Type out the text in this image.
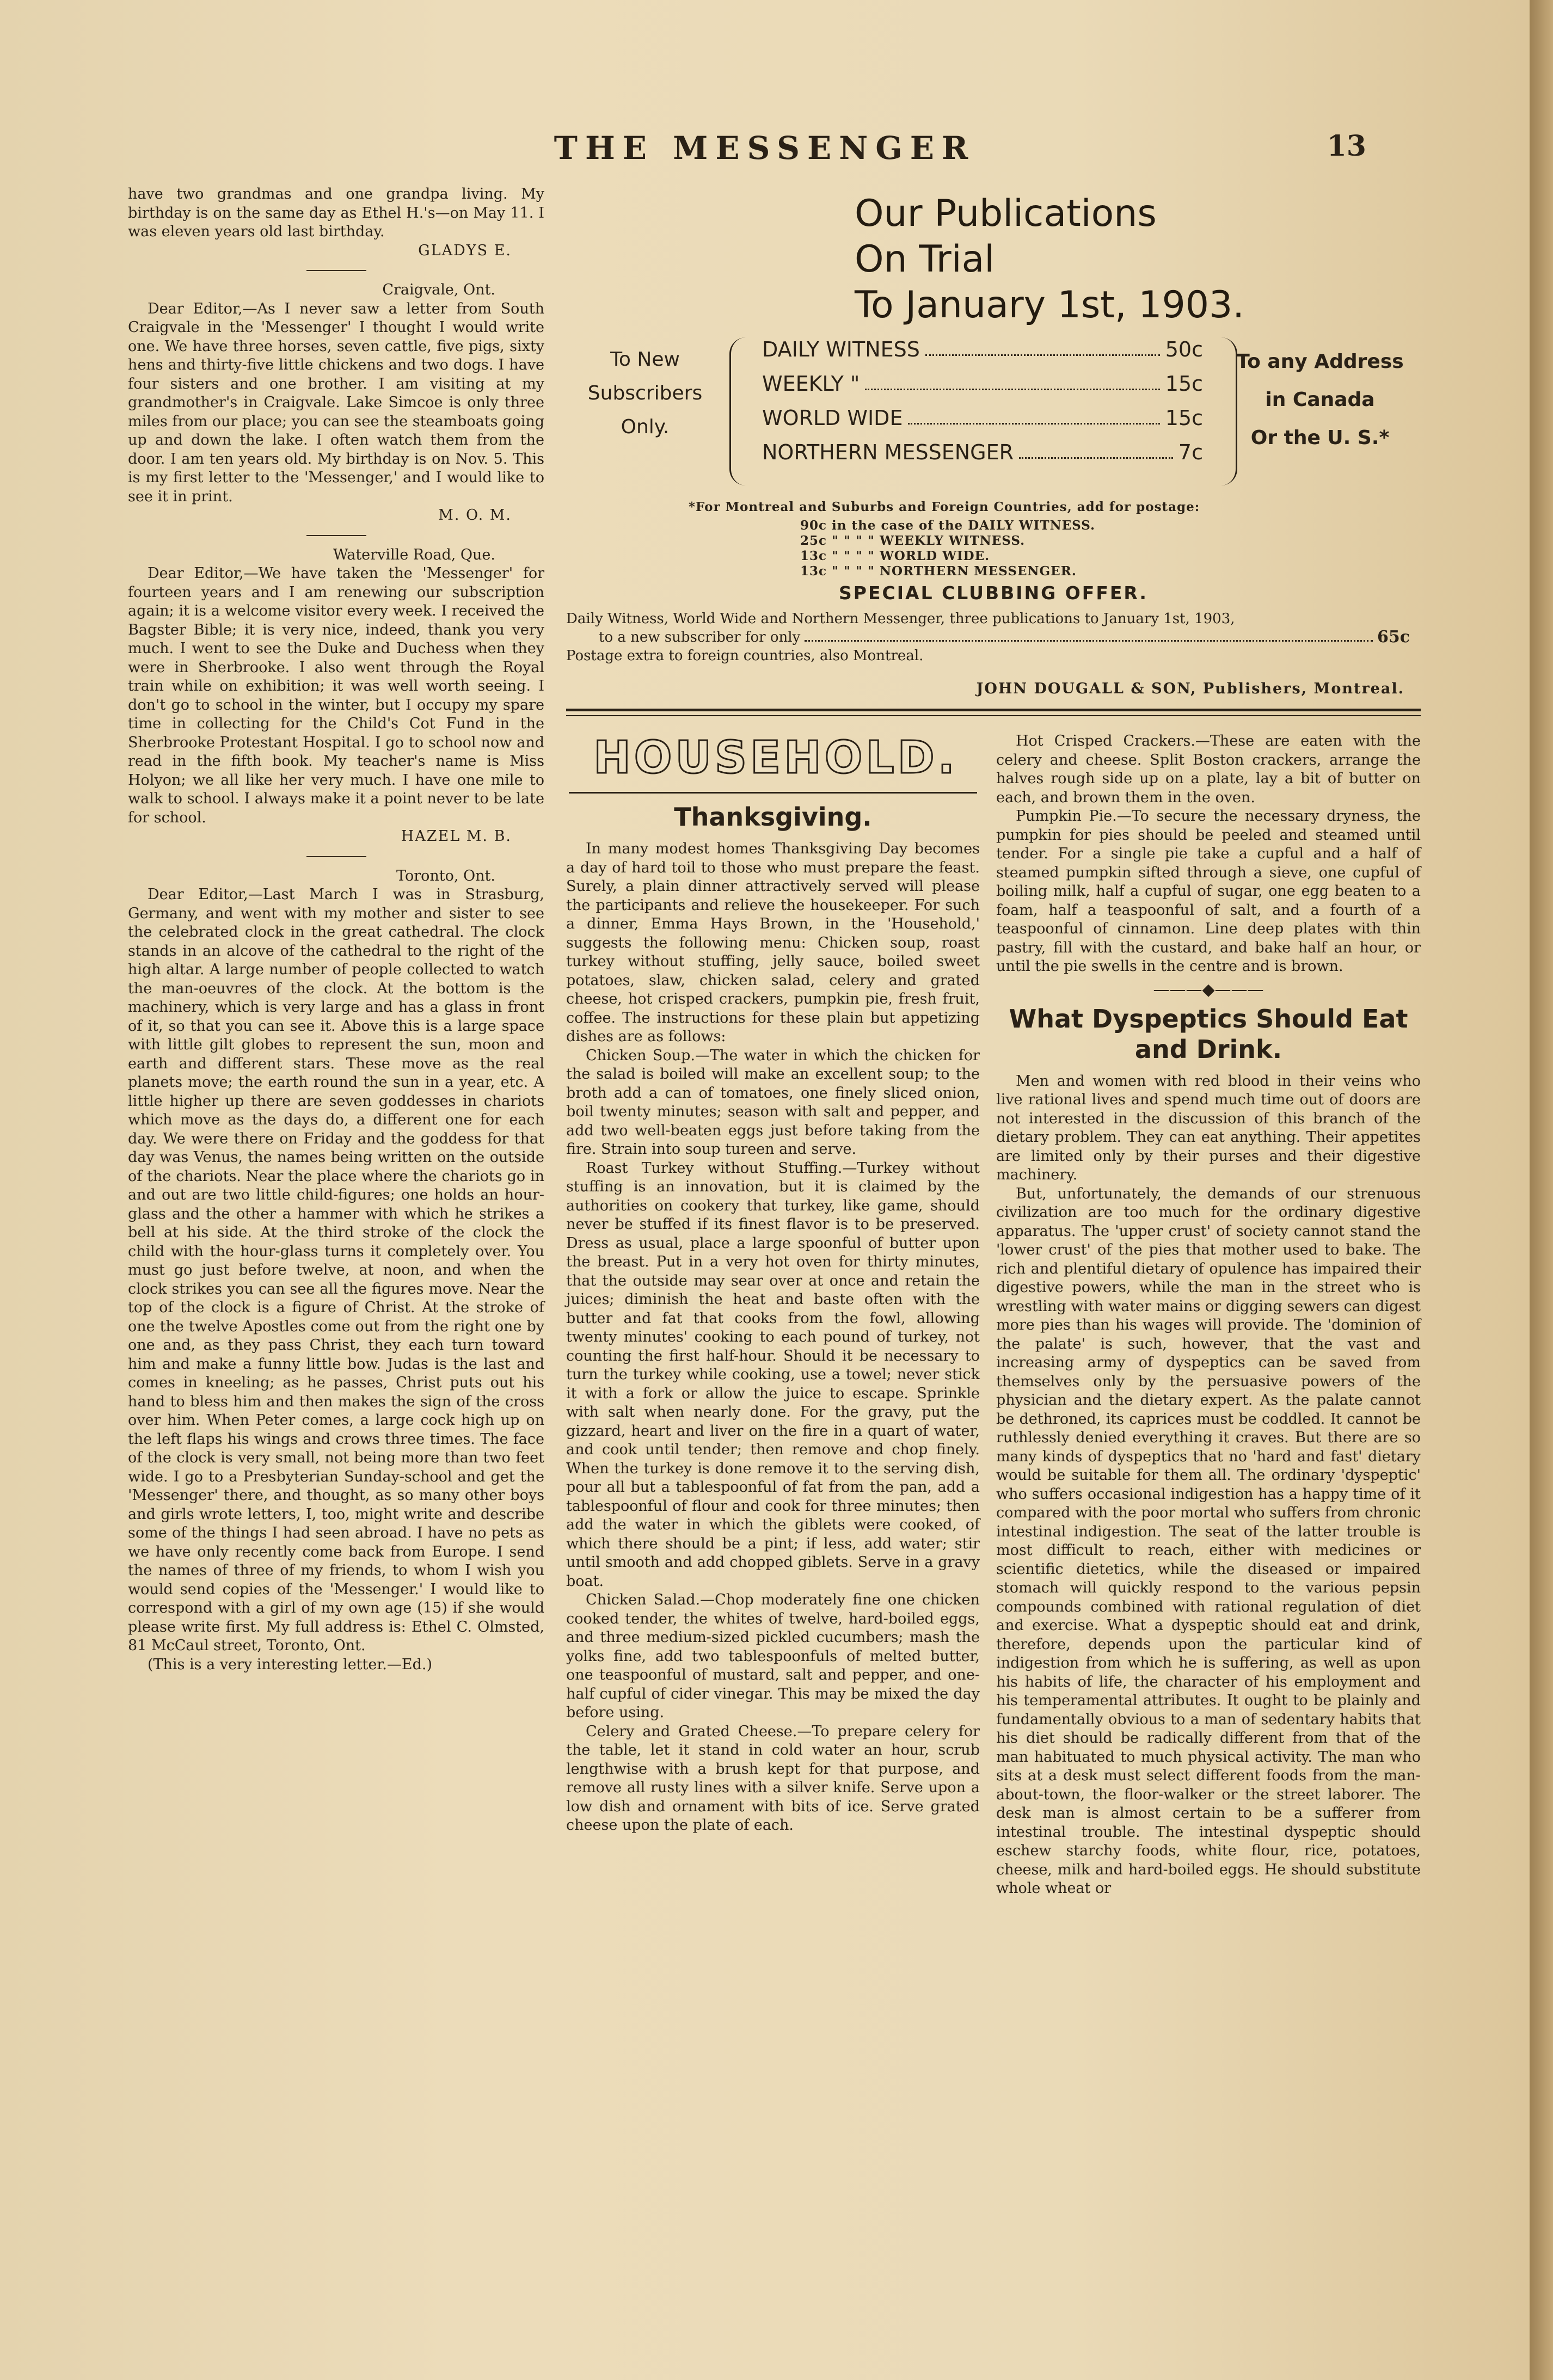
THE MESSENGER	13

have two grandmas and one grandpa living. My birthday is on the same day as Ethel H.'s—on May 11. I was eleven years old last birthday.

GLADYS E.

Craigvale, Ont.

Dear Editor,—As I never saw a letter from South Craigvale in the 'Messenger' I thought I would write one. We have three horses, seven cattle, five pigs, sixty hens and thirty-five little chickens and two dogs. I have four sisters and one brother. I am visiting at my grandmother's in Craigvale. Lake Simcoe is only three miles from our place; you can see the steamboats going up and down the lake. I often watch them from the door. I am ten years old. My birthday is on Nov. 5. This is my first letter to the 'Messenger,' and I would like to see it in print.

M. O. M.

Waterville Road, Que.

Dear Editor,—We have taken the 'Messenger' for fourteen years and I am renewing our subscription again; it is a welcome visitor every week. I received the Bagster Bible; it is very nice, indeed, thank you very much. I went to see the Duke and Duchess when they were in Sherbrooke. I also went through the Royal train while on exhibition; it was well worth seeing. I don't go to school in the winter, but I occupy my spare time in collecting for the Child's Cot Fund in the Sherbrooke Protestant Hospital. I go to school now and read in the fifth book. My teacher's name is Miss Holyon; we all like her very much. I have one mile to walk to school. I always make it a point never to be late for school.

HAZEL M. B.

Toronto, Ont.

Dear Editor,—Last March I was in Strasburg, Germany, and went with my mother and sister to see the celebrated clock in the great cathedral. The clock stands in an alcove of the cathedral to the right of the high altar. A large number of people collected to watch the man-oeuvres of the clock. At the bottom is the machinery, which is very large and has a glass in front of it, so that you can see it. Above this is a large space with little gilt globes to represent the sun, moon and earth and different stars. These move as the real planets move; the earth round the sun in a year, etc. A little higher up there are seven goddesses in chariots which move as the days do, a different one for each day. We were there on Friday and the goddess for that day was Venus, the names being written on the outside of the chariots. Near the place where the chariots go in and out are two little child-figures; one holds an hour-glass and the other a hammer with which he strikes a bell at his side. At the third stroke of the clock the child with the hour-glass turns it completely over. You must go just before twelve, at noon, and when the clock strikes you can see all the figures move. Near the top of the clock is a figure of Christ. At the stroke of one the twelve Apostles come out from the right one by one and, as they pass Christ, they each turn toward him and make a funny little bow. Judas is the last and comes in kneeling; as he passes, Christ puts out his hand to bless him and then makes the sign of the cross over him. When Peter comes, a large cock high up on the left flaps his wings and crows three times. The face of the clock is very small, not being more than two feet wide. I go to a Presbyterian Sunday-school and get the 'Messenger' there, and thought, as so many other boys and girls wrote letters, I, too, might write and describe some of the things I had seen abroad. I have no pets as we have only recently come back from Europe. I send the names of three of my friends, to whom I wish you would send copies of the 'Messenger.' I would like to correspond with a girl of my own age (15) if she would please write first. My full address is: Ethel C. Olmsted, 81 McCaul street, Toronto, Ont.

(This is a very interesting letter.—Ed.)

Our Publications
On Trial
To January 1st, 1903.
To New
Subscribers
Only.
DAILY WITNESS	50c
WEEKLY "	15c
WORLD WIDE	15c
NORTHERN MESSENGER	7c
To any Address
in Canada
Or the U. S.*
*For Montreal and Suburbs and Foreign Countries, add for postage:
90c in the case of the DAILY WITNESS.
25c " " " " WEEKLY WITNESS.
13c " " " " WORLD WIDE.
13c " " " " NORTHERN MESSENGER.
SPECIAL CLUBBING OFFER.
Daily Witness, World Wide and Northern Messenger, three publications to January 1st, 1903,
to a new subscriber for only	65c
Postage extra to foreign countries, also Montreal.
JOHN DOUGALL & SON, Publishers, Montreal.
HOUSEHOLD.
Thanksgiving.

In many modest homes Thanksgiving Day becomes a day of hard toil to those who must prepare the feast. Surely, a plain dinner attractively served will please the participants and relieve the housekeeper. For such a dinner, Emma Hays Brown, in the 'Household,' suggests the following menu: Chicken soup, roast turkey without stuffing, jelly sauce, boiled sweet potatoes, slaw, chicken salad, celery and grated cheese, hot crisped crackers, pumpkin pie, fresh fruit, coffee. The instructions for these plain but appetizing dishes are as follows:

Chicken Soup.—The water in which the chicken for the salad is boiled will make an excellent soup; to the broth add a can of tomatoes, one finely sliced onion, boil twenty minutes; season with salt and pepper, and add two well-beaten eggs just before taking from the fire. Strain into soup tureen and serve.

Roast Turkey without Stuffing.—Turkey without stuffing is an innovation, but it is claimed by the authorities on cookery that turkey, like game, should never be stuffed if its finest flavor is to be preserved. Dress as usual, place a large spoonful of butter upon the breast. Put in a very hot oven for thirty minutes, that the outside may sear over at once and retain the juices; diminish the heat and baste often with the butter and fat that cooks from the fowl, allowing twenty minutes' cooking to each pound of turkey, not counting the first half-hour. Should it be necessary to turn the turkey while cooking, use a towel; never stick it with a fork or allow the juice to escape. Sprinkle with salt when nearly done. For the gravy, put the gizzard, heart and liver on the fire in a quart of water, and cook until tender; then remove and chop finely. When the turkey is done remove it to the serving dish, pour all but a tablespoonful of fat from the pan, add a tablespoonful of flour and cook for three minutes; then add the water in which the giblets were cooked, of which there should be a pint; if less, add water; stir until smooth and add chopped giblets. Serve in a gravy boat.

Chicken Salad.—Chop moderately fine one chicken cooked tender, the whites of twelve, hard-boiled eggs, and three medium-sized pickled cucumbers; mash the yolks fine, add two tablespoonfuls of melted butter, one teaspoonful of mustard, salt and pepper, and one-half cupful of cider vinegar. This may be mixed the day before using.

Celery and Grated Cheese.—To prepare celery for the table, let it stand in cold water an hour, scrub lengthwise with a brush kept for that purpose, and remove all rusty lines with a silver knife. Serve upon a low dish and ornament with bits of ice. Serve grated cheese upon the plate of each.

Hot Crisped Crackers.—These are eaten with the celery and cheese. Split Boston crackers, arrange the halves rough side up on a plate, lay a bit of butter on each, and brown them in the oven.

Pumpkin Pie.—To secure the necessary dryness, the pumpkin for pies should be peeled and steamed until tender. For a single pie take a cupful and a half of steamed pumpkin sifted through a sieve, one cupful of boiling milk, half a cupful of sugar, one egg beaten to a foam, half a teaspoonful of salt, and a fourth of a teaspoonful of cinnamon. Line deep plates with thin pastry, fill with the custard, and bake half an hour, or until the pie swells in the centre and is brown.

———◆———
What Dyspeptics Should Eat and Drink.

Men and women with red blood in their veins who live rational lives and spend much time out of doors are not interested in the discussion of this branch of the dietary problem. They can eat anything. Their appetites are limited only by their purses and their digestive machinery.

But, unfortunately, the demands of our strenuous civilization are too much for the ordinary digestive apparatus. The 'upper crust' of society cannot stand the 'lower crust' of the pies that mother used to bake. The rich and plentiful dietary of opulence has impaired their digestive powers, while the man in the street who is wrestling with water mains or digging sewers can digest more pies than his wages will provide. The 'dominion of the palate' is such, however, that the vast and increasing army of dyspeptics can be saved from themselves only by the persuasive powers of the physician and the dietary expert. As the palate cannot be dethroned, its caprices must be coddled. It cannot be ruthlessly denied everything it craves. But there are so many kinds of dyspeptics that no 'hard and fast' dietary would be suitable for them all. The ordinary 'dyspeptic' who suffers occasional indigestion has a happy time of it compared with the poor mortal who suffers from chronic intestinal indigestion. The seat of the latter trouble is most difficult to reach, either with medicines or scientific dietetics, while the diseased or impaired stomach will quickly respond to the various pepsin compounds combined with rational regulation of diet and exercise. What a dyspeptic should eat and drink, therefore, depends upon the particular kind of indigestion from which he is suffering, as well as upon his habits of life, the character of his employment and his temperamental attributes. It ought to be plainly and fundamentally obvious to a man of sedentary habits that his diet should be radically different from that of the man habituated to much physical activity. The man who sits at a desk must select different foods from the man-about-town, the floor-walker or the street laborer. The desk man is almost certain to be a sufferer from intestinal trouble. The intestinal dyspeptic should eschew starchy foods, white flour, rice, potatoes, cheese, milk and hard-boiled eggs. He should substitute whole wheat or
